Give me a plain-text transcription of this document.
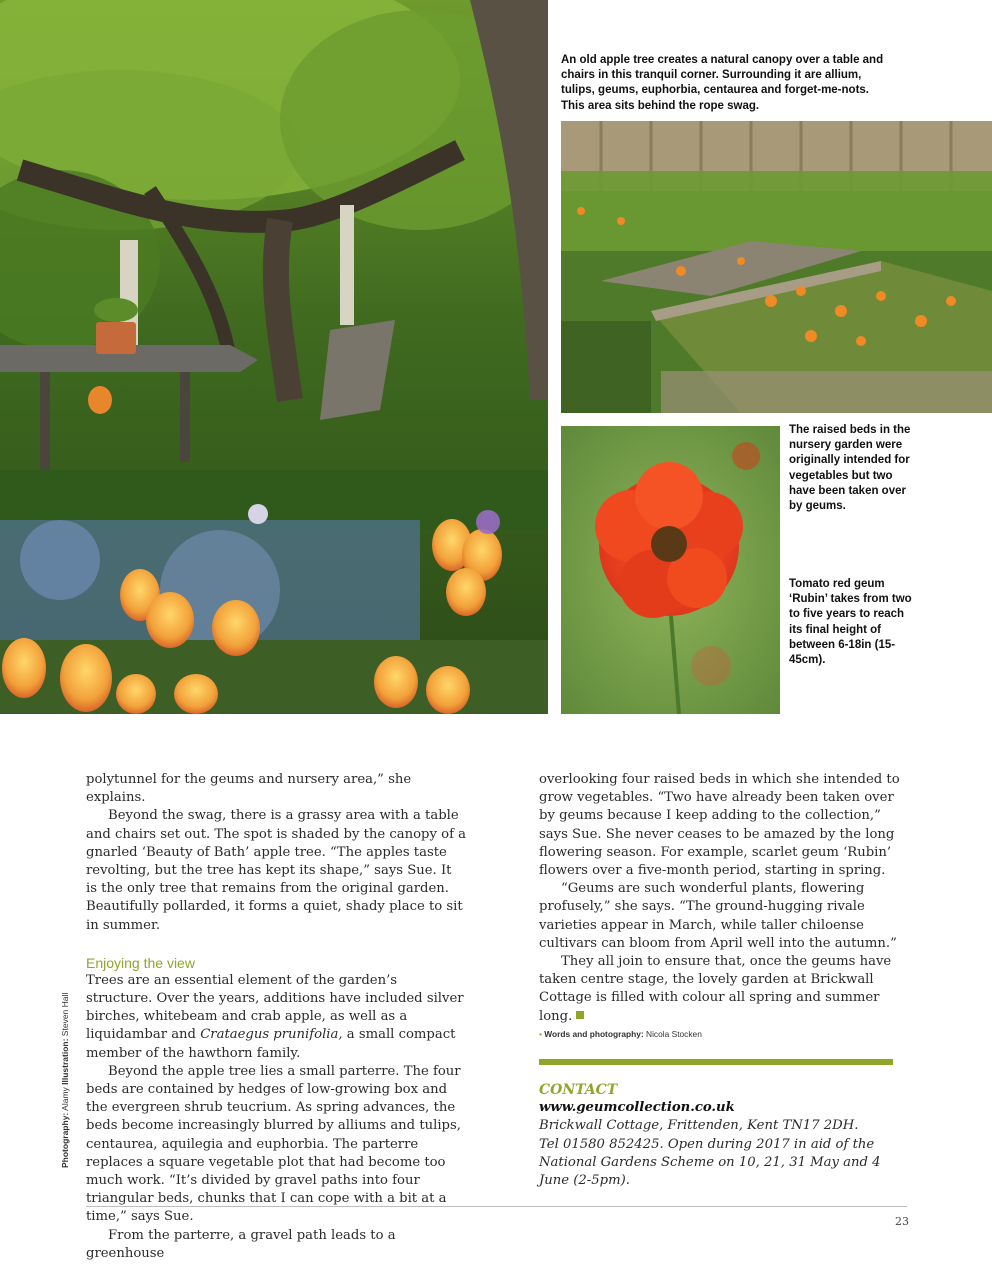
An old apple tree creates a natural canopy over a table and chairs in this tranquil corner. Surrounding it are allium, tulips, geums, euphorbia, centaurea and forget-me-nots. This area sits behind the rope swag.
The raised beds in the nursery garden were originally intended for vegetables but two have been taken over by geums.
Tomato red geum ‘Rubin’ takes from two to five years to reach its final height of between 6-18in (15-45cm).

polytunnel for the geums and nursery area,” she explains.

Beyond the swag, there is a grassy area with a table and chairs set out. The spot is shaded by the canopy of a gnarled ‘Beauty of Bath’ apple tree. “The apples taste revolting, but the tree has kept its shape,” says Sue. It is the only tree that remains from the original garden. Beautifully pollarded, it forms a quiet, shady place to sit in summer.

Enjoying the view

Trees are an essential element of the garden’s structure. Over the years, additions have included silver birches, whitebeam and crab apple, as well as a liquidambar and Crataegus prunifolia, a small compact member of the hawthorn family.

Beyond the apple tree lies a small parterre. The four beds are contained by hedges of low-growing box and the evergreen shrub teucrium. As spring advances, the beds become increasingly blurred by alliums and tulips, centaurea, aquilegia and euphorbia. The parterre replaces a square vegetable plot that had become too much work. “It’s divided by gravel paths into four triangular beds, chunks that I can cope with a bit at a time,” says Sue.

From the parterre, a gravel path leads to a greenhouse

overlooking four raised beds in which she intended to grow vegetables. “Two have already been taken over by geums because I keep adding to the collection,” says Sue. She never ceases to be amazed by the long flowering season. For example, scarlet geum ‘Rubin’ flowers over a five-month period, starting in spring.

“Geums are such wonderful plants, flowering profusely,” she says. “The ground-hugging rivale varieties appear in March, while taller chiloense cultivars can bloom from April well into the autumn.”

They all join to ensure that, once the geums have taken centre stage, the lovely garden at Brickwall Cottage is filled with colour all spring and summer long.

• Words and photography: Nicola Stocken
CONTACT
www.geumcollection.co.uk
Brickwall Cottage, Frittenden, Kent TN17 2DH.
Tel 01580 852425. Open during 2017 in aid of the National Gardens Scheme on 10, 21, 31 May and 4 June (2-5pm).
Photography: Alamy Illustration: Steven Hall
23
